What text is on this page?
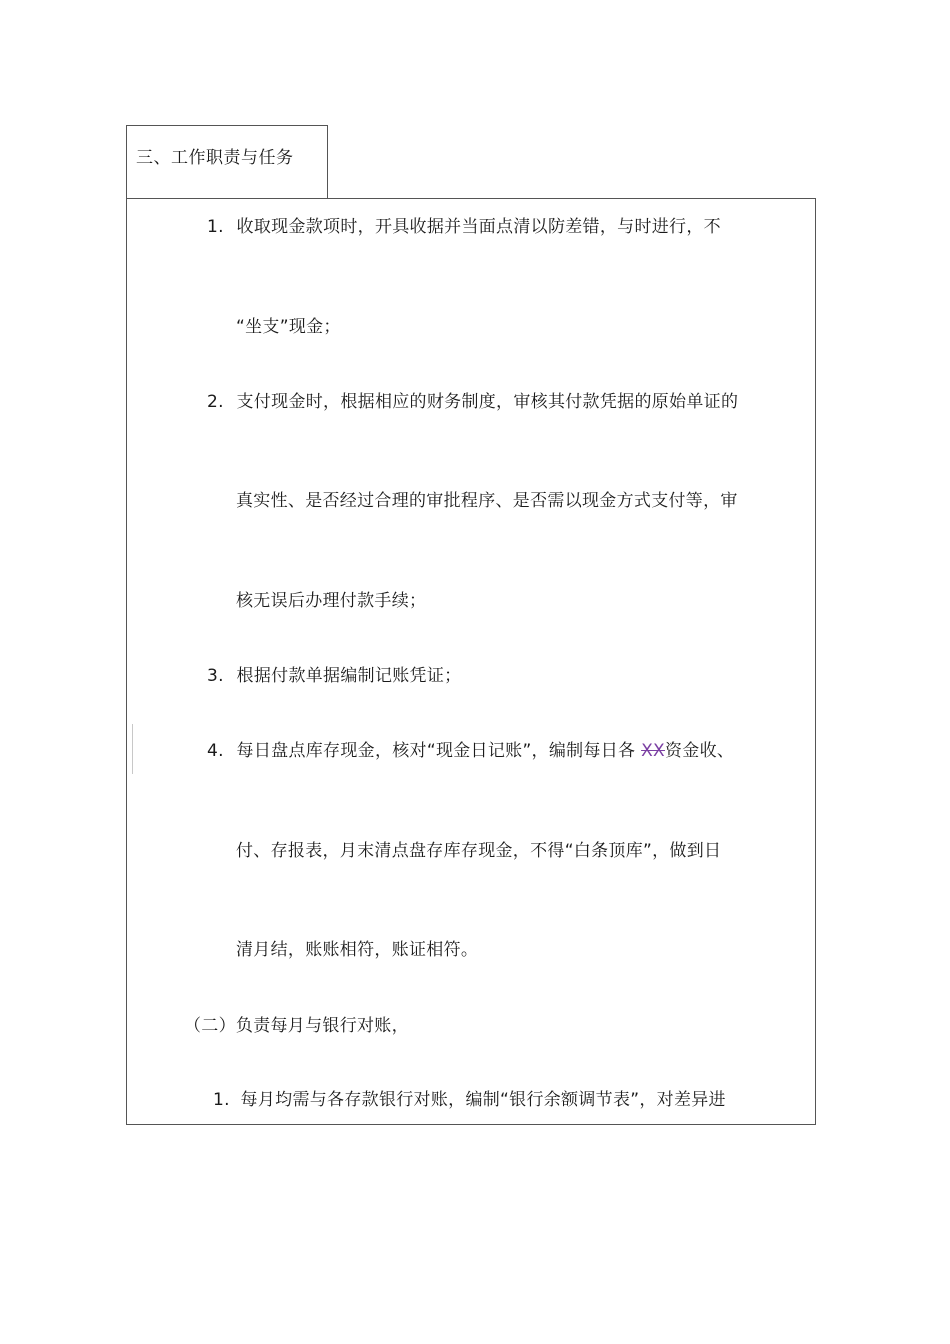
三、工作职责与任务
1. 收取现金款项时，开具收据并当面点清以防差错，与时进行，不
“坐支”现金；
2. 支付现金时，根据相应的财务制度，审核其付款凭据的原始单证的
真实性、是否经过合理的审批程序、是否需以现金方式支付等，审
核无误后办理付款手续；
3. 根据付款单据编制记账凭证；
4. 每日盘点库存现金，核对“现金日记账”，编制每日各 XX资金收、
付、存报表，月末清点盘存库存现金，不得“白条顶库”，做到日
清月结，账账相符，账证相符。
（二）负责每月与银行对账，
1. 每月均需与各存款银行对账，编制“银行余额调节表”，对差异进
